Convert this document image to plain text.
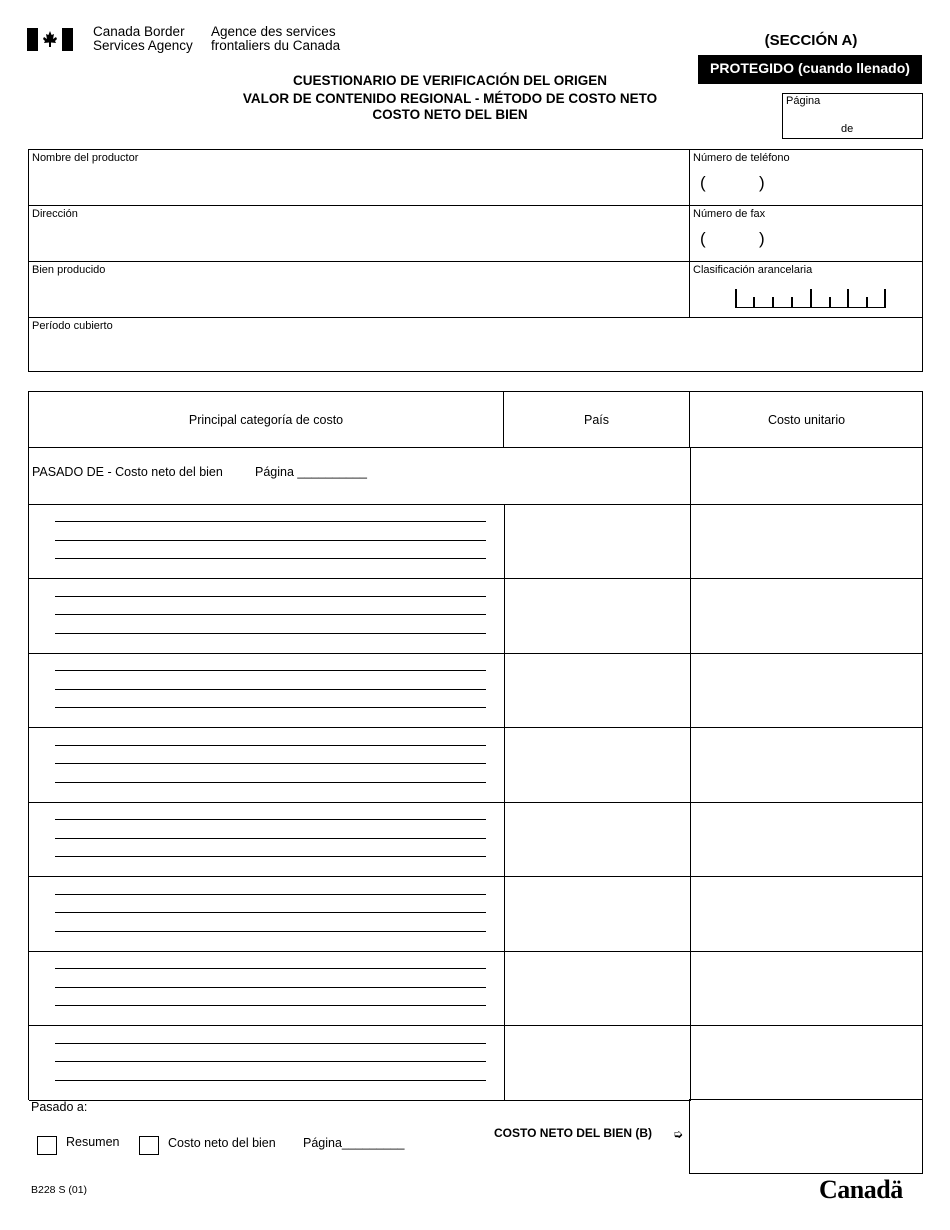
Canada Border Services Agency
Agence des services frontaliers du Canada	(SECCIÓN A)
PROTEGIDO (cuando llenado)
Página
de
CUESTIONARIO DE VERIFICACIÓN DEL ORIGEN
VALOR DE CONTENIDO REGIONAL - MÉTODO DE COSTO NETO
COSTO NETO DEL BIEN
Nombre del productor	Número de teléfono
(	)
Dirección	Número de fax
(	)
Bien producido	Clasificación arancelaria
Período cubierto
Principal categoría de costo	País	Costo unitario
PASADO DE - Costo neto del bien	Página __________
Pasado a:
Resumen	Costo neto del bien Página_________
COSTO NETO DEL BIEN (B) ➭
B228 S (01)	Canadä
